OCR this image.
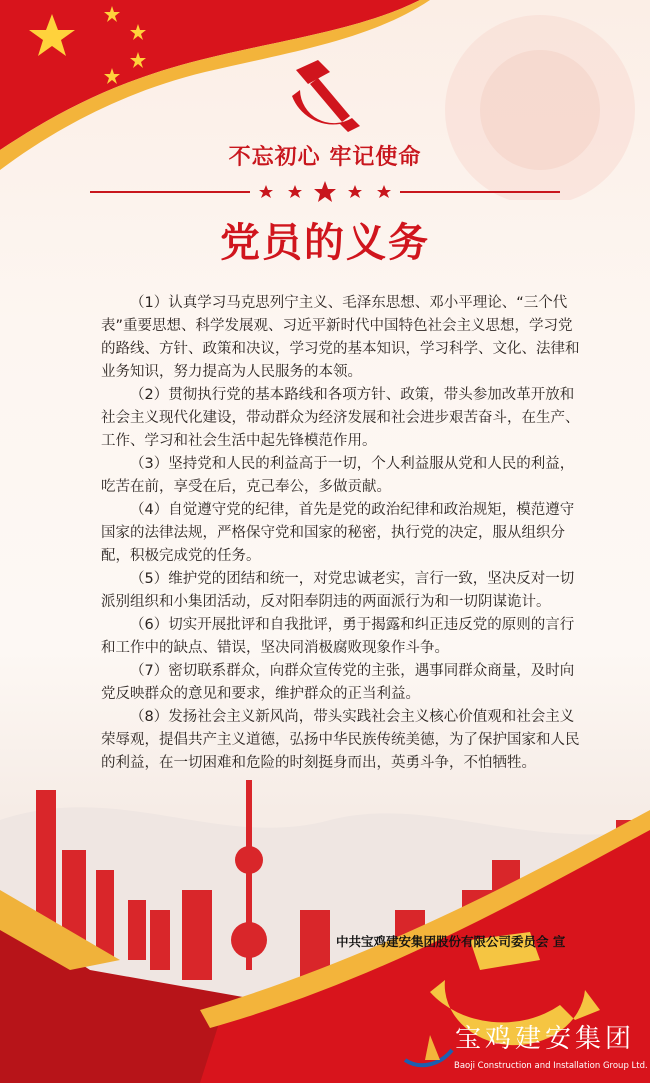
不忘初心 牢记使命
党员的义务

（1）认真学习马克思列宁主义、毛泽东思想、邓小平理论、“三个代表”重要思想、科学发展观、习近平新时代中国特色社会主义思想，学习党的路线、方针、政策和决议，学习党的基本知识，学习科学、文化、法律和业务知识，努力提高为人民服务的本领。

（2）贯彻执行党的基本路线和各项方针、政策，带头参加改革开放和社会主义现代化建设，带动群众为经济发展和社会进步艰苦奋斗，在生产、工作、学习和社会生活中起先锋模范作用。

（3）坚持党和人民的利益高于一切，个人利益服从党和人民的利益，吃苦在前，享受在后，克己奉公，多做贡献。

（4）自觉遵守党的纪律，首先是党的政治纪律和政治规矩，模范遵守国家的法律法规，严格保守党和国家的秘密，执行党的决定，服从组织分配，积极完成党的任务。

（5）维护党的团结和统一，对党忠诚老实，言行一致，坚决反对一切派别组织和小集团活动，反对阳奉阴违的两面派行为和一切阴谋诡计。

（6）切实开展批评和自我批评，勇于揭露和纠正违反党的原则的言行和工作中的缺点、错误，坚决同消极腐败现象作斗争。

（7）密切联系群众，向群众宣传党的主张，遇事同群众商量，及时向党反映群众的意见和要求，维护群众的正当利益。

（8）发扬社会主义新风尚，带头实践社会主义核心价值观和社会主义荣辱观，提倡共产主义道德，弘扬中华民族传统美德，为了保护国家和人民的利益，在一切困难和危险的时刻挺身而出，英勇斗争，不怕牺牲。

中共宝鸡建安集团股份有限公司委员会 宣
宝鸡建安集团
Baoji Construction and Installation Group Ltd.
